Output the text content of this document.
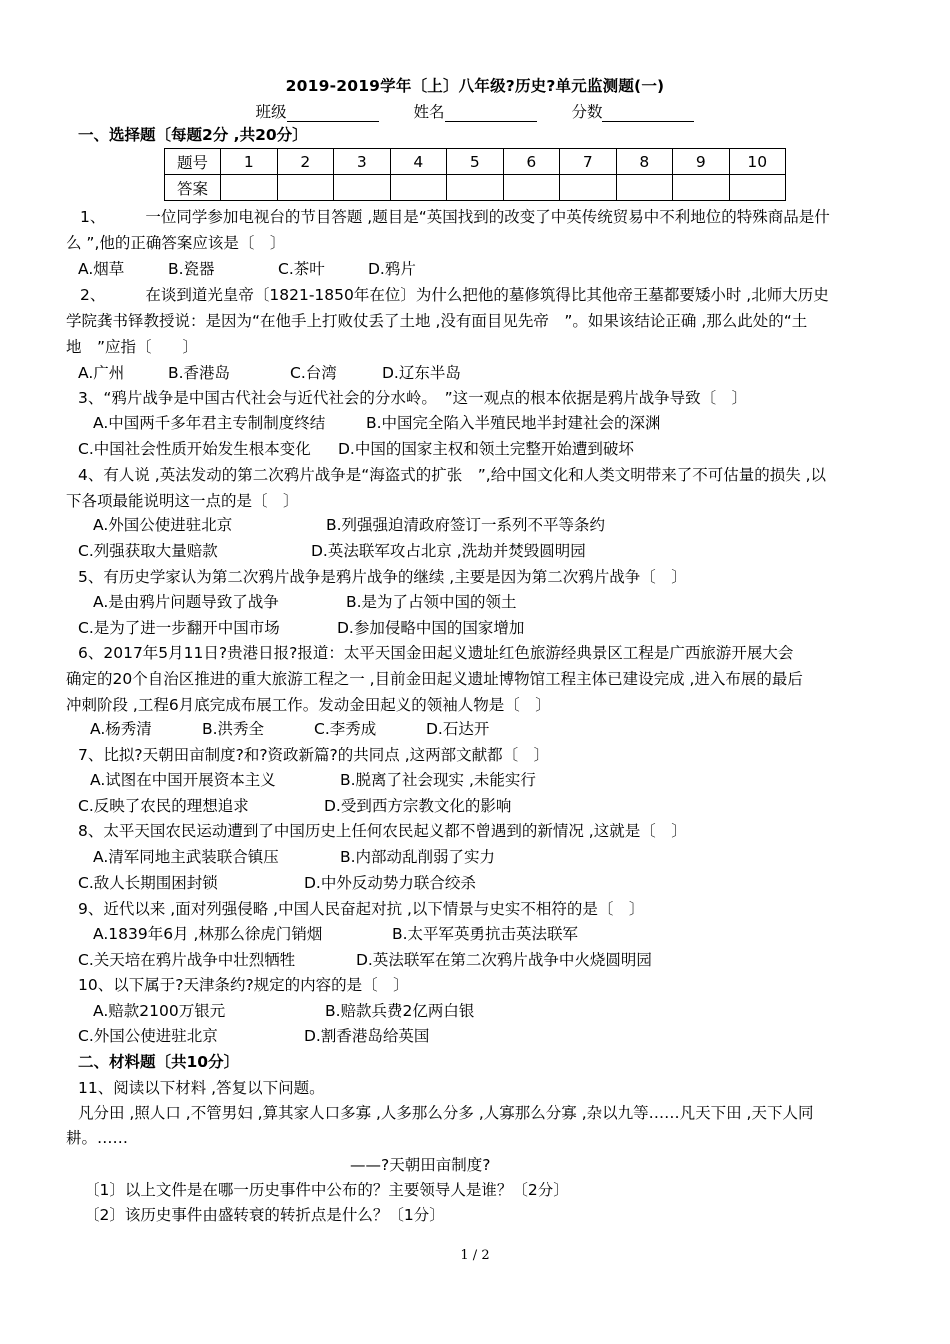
2019-2019学年〔上〕八年级?历史?单元监测题(一)
班级	姓名	分数
一、选择题〔每题2分 ,共20分〕
题号	1	2	3	4	5	6	7	8	9	10
答案										
1、	一位同学参加电视台的节目答题 ,题目是“英国找到的改变了中英传统贸易中不利地位的特殊商品是什
么 ”,他的正确答案应该是〔　〕
A.烟草	B.瓷器	C.茶叶	D.鸦片
2、	在谈到道光皇帝〔1821-1850年在位〕为什么把他的墓修筑得比其他帝王墓都要矮小时 ,北师大历史
学院龚书铎教授说：是因为“在他手上打败仗丢了土地 ,没有面目见先帝　”。如果该结论正确 ,那么此处的“土
地　”应指〔　　〕
A.广州	B.香港岛	C.台湾	D.辽东半岛
3、“鸦片战争是中国古代社会与近代社会的分水岭。　”这一观点的根本依据是鸦片战争导致〔　〕
A.中国两千多年君主专制制度终结	B.中国完全陷入半殖民地半封建社会的深渊
C.中国社会性质开始发生根本变化 D.中国的国家主权和领土完整开始遭到破坏
4、有人说 ,英法发动的第二次鸦片战争是“海盗式的扩张　”,给中国文化和人类文明带来了不可估量的损失 ,以
下各项最能说明这一点的是〔　〕
A.外国公使进驻北京	B.列强强迫清政府签订一系列不平等条约
C.列强获取大量赔款	D.英法联军攻占北京 ,洗劫并焚毁圆明园
5、有历史学家认为第二次鸦片战争是鸦片战争的继续 ,主要是因为第二次鸦片战争〔　〕
A.是由鸦片问题导致了战争	B.是为了占领中国的领土
C.是为了进一步翻开中国市场	D.参加侵略中国的国家增加
6、2017年5月11日?贵港日报?报道：太平天国金田起义遗址红色旅游经典景区工程是广西旅游开展大会
确定的20个自治区推进的重大旅游工程之一 ,目前金田起义遗址博物馆工程主体已建设完成 ,进入布展的最后
冲刺阶段 ,工程6月底完成布展工作。发动金田起义的领袖人物是〔　〕
A.杨秀清	B.洪秀全	C.李秀成	D.石达开
7、比拟?天朝田亩制度?和?资政新篇?的共同点 ,这两部文献都〔　〕
A.试图在中国开展资本主义	B.脱离了社会现实 ,未能实行
C.反映了农民的理想追求	D.受到西方宗教文化的影响
8、太平天国农民运动遭到了中国历史上任何农民起义都不曾遇到的新情况 ,这就是〔　〕
A.清军同地主武装联合镇压	B.内部动乱削弱了实力
C.敌人长期围困封锁	D.中外反动势力联合绞杀
9、近代以来 ,面对列强侵略 ,中国人民奋起对抗 ,以下情景与史实不相符的是〔　〕
A.1839年6月 ,林那么徐虎门销烟	B.太平军英勇抗击英法联军
C.关天培在鸦片战争中壮烈牺牲	D.英法联军在第二次鸦片战争中火烧圆明园
10、以下属于?天津条约?规定的内容的是〔　〕
A.赔款2100万银元	B.赔款兵费2亿两白银
C.外国公使进驻北京	D.割香港岛给英国
二、材料题〔共10分〕
11、阅读以下材料 ,答复以下问题。
凡分田 ,照人口 ,不管男妇 ,算其家人口多寡 ,人多那么分多 ,人寡那么分寡 ,杂以九等……凡天下田 ,天下人同
耕。……
——?天朝田亩制度?
〔1〕以上文件是在哪一历史事件中公布的？主要领导人是谁？〔2分〕
〔2〕该历史事件由盛转衰的转折点是什么？〔1分〕
1 / 2
